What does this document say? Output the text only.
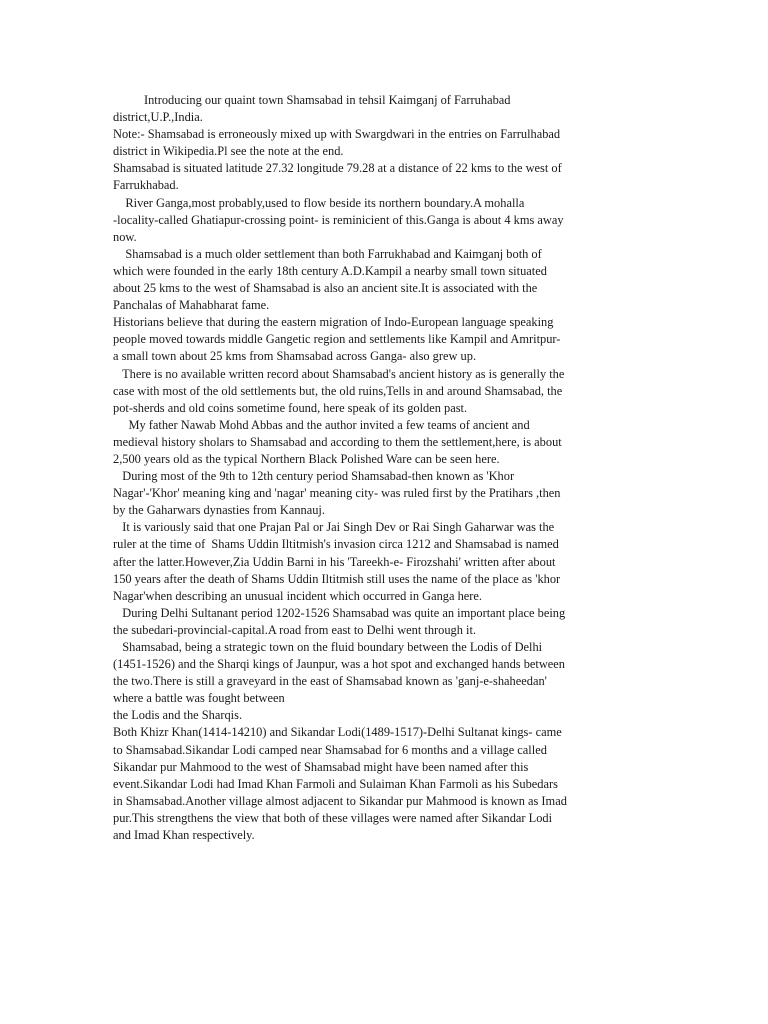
Introducing our quaint town Shamsabad in tehsil Kaimganj of Farruhabad
district,U.P.,India.
Note:- Shamsabad is erroneously mixed up with Swargdwari in the entries on Farrulhabad
district in Wikipedia.Pl see the note at the end.
Shamsabad is situated latitude 27.32 longitude 79.28 at a distance of 22 kms to the west of
Farrukhabad.
River Ganga,most probably,used to flow beside its northern boundary.A mohalla
-locality-called Ghatiapur-crossing point- is reminicient of this.Ganga is about 4 kms away
now.
Shamsabad is a much older settlement than both Farrukhabad and Kaimganj both of
which were founded in the early 18th century A.D.Kampil a nearby small town situated
about 25 kms to the west of Shamsabad is also an ancient site.It is associated with the
Panchalas of Mahabharat fame.
Historians believe that during the eastern migration of Indo-European language speaking
people moved towards middle Gangetic region and settlements like Kampil and Amritpur-
a small town about 25 kms from Shamsabad across Ganga- also grew up.
There is no available written record about Shamsabad's ancient history as is generally the
case with most of the old settlements but, the old ruins,Tells in and around Shamsabad, the
pot-sherds and old coins sometime found, here speak of its golden past.
My father Nawab Mohd Abbas and the author invited a few teams of ancient and
medieval history sholars to Shamsabad and according to them the settlement,here, is about
2,500 years old as the typical Northern Black Polished Ware can be seen here.
During most of the 9th to 12th century period Shamsabad-then known as 'Khor
Nagar'-'Khor' meaning king and 'nagar' meaning city- was ruled first by the Pratihars ,then
by the Gaharwars dynasties from Kannauj.
It is variously said that one Prajan Pal or Jai Singh Dev or Rai Singh Gaharwar was the
ruler at the time of  Shams Uddin Iltitmish's invasion circa 1212 and Shamsabad is named
after the latter.However,Zia Uddin Barni in his 'Tareekh-e- Firozshahi' written after about
150 years after the death of Shams Uddin Iltitmish still uses the name of the place as 'khor
Nagar'when describing an unusual incident which occurred in Ganga here.
During Delhi Sultanant period 1202-1526 Shamsabad was quite an important place being
the subedari-provincial-capital.A road from east to Delhi went through it.
Shamsabad, being a strategic town on the fluid boundary between the Lodis of Delhi
(1451-1526) and the Sharqi kings of Jaunpur, was a hot spot and exchanged hands between
the two.There is still a graveyard in the east of Shamsabad known as 'ganj-e-shaheedan'
where a battle was fought between
the Lodis and the Sharqis.
Both Khizr Khan(1414-14210) and Sikandar Lodi(1489-1517)-Delhi Sultanat kings- came
to Shamsabad.Sikandar Lodi camped near Shamsabad for 6 months and a village called
Sikandar pur Mahmood to the west of Shamsabad might have been named after this
event.Sikandar Lodi had Imad Khan Farmoli and Sulaiman Khan Farmoli as his Subedars
in Shamsabad.Another village almost adjacent to Sikandar pur Mahmood is known as Imad
pur.This strengthens the view that both of these villages were named after Sikandar Lodi
and Imad Khan respectively.
